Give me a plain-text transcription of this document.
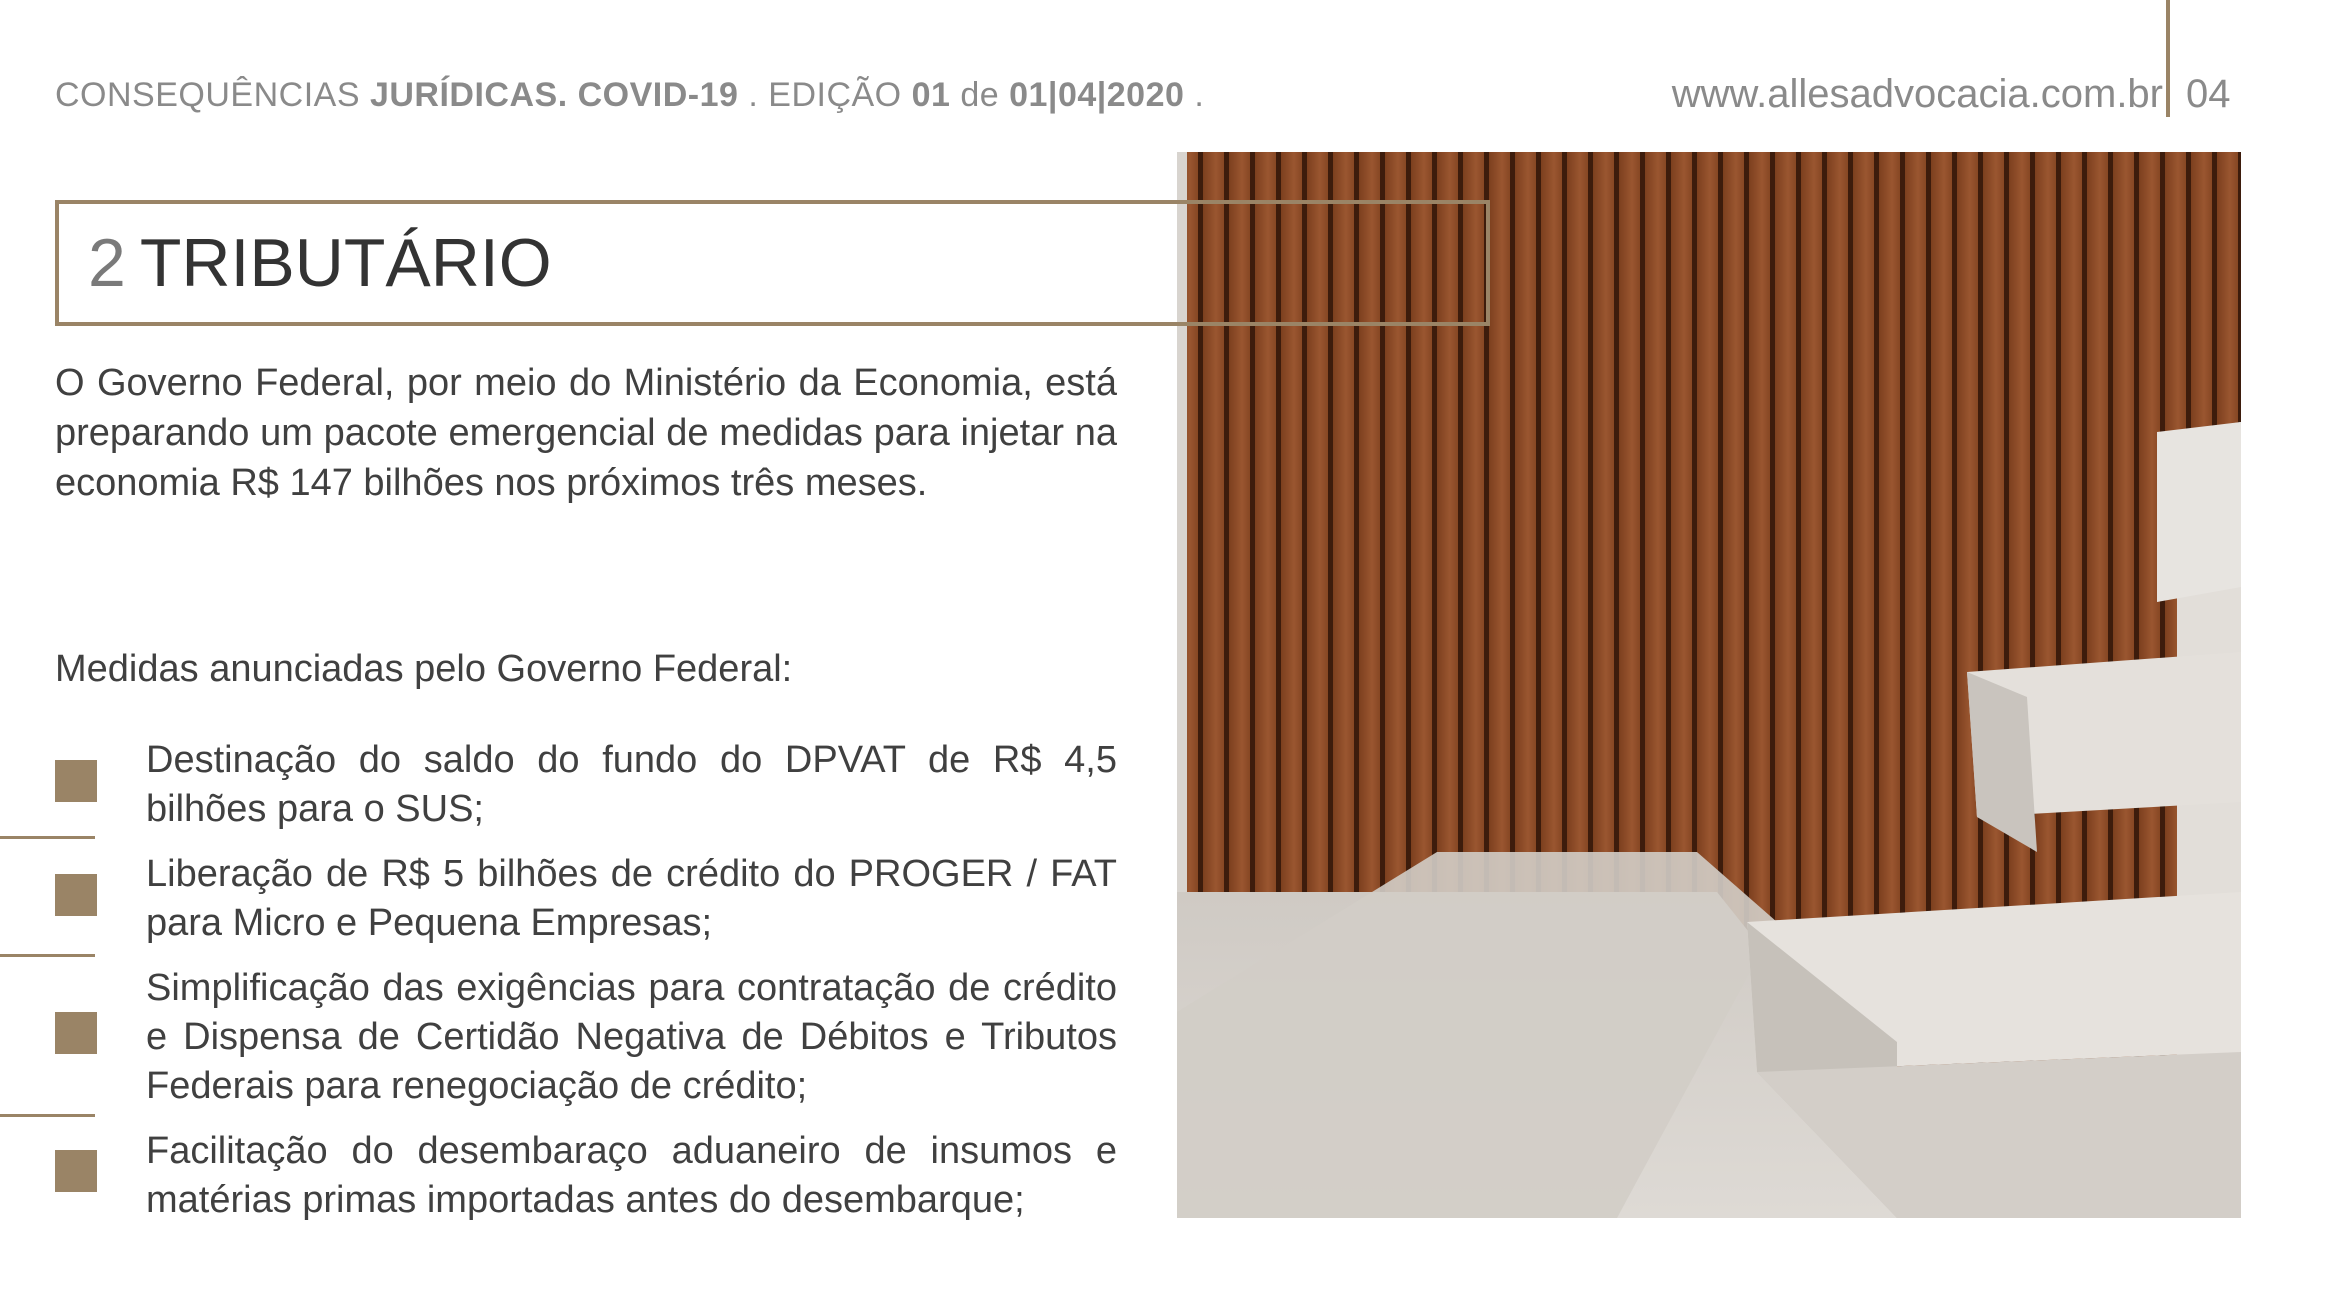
CONSEQUÊNCIAS JURÍDICAS. COVID-19 . EDIÇÃO 01 de 01|04|2020 .	www.allesadvocacia.com.br 04
2 TRIBUTÁRIO
O Governo Federal, por meio do Ministério da Economia, está preparando um pacote emergencial de medidas para injetar na economia R$ 147 bilhões nos próximos três meses.
Medidas anunciadas pelo Governo Federal:
Destinação do saldo do fundo do DPVAT de R$ 4,5 bilhões para o SUS;
Liberação de R$ 5 bilhões de crédito do PROGER / FAT para Micro e Pequena Empresas;
Simplificação das exigências para contratação de crédito e Dispensa de Certidão Negativa de Débitos e Tributos Federais para renegociação de crédito;
Facilitação do desembaraço aduaneiro de insumos e matérias primas importadas antes do desembarque;
